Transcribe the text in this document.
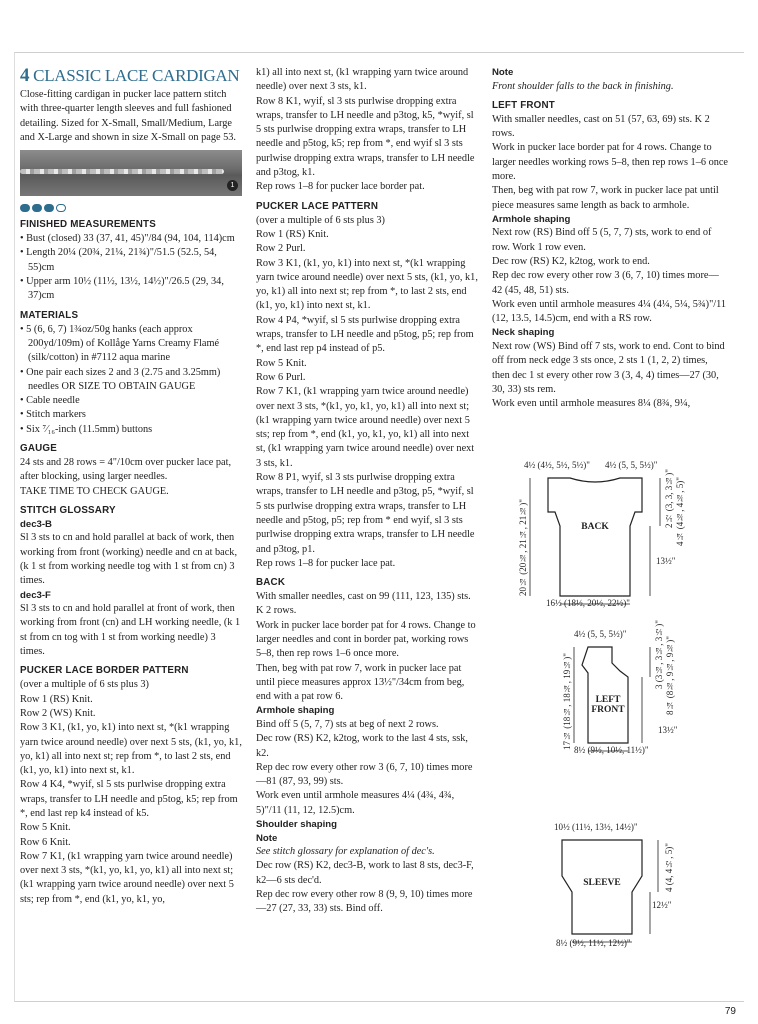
4 CLASSIC LACE CARDIGAN

Close-fitting cardigan in pucker lace pattern stitch with three-quarter length sleeves and full fashioned detailing. Sized for X-Small, Small/Medium, Large and X-Large and shown in size X-Small on page 53.

1
FINISHED MEASUREMENTS

• Bust (closed) 33 (37, 41, 45)"/84 (94, 104, 114)cm

• Length 20¼ (20¾, 21¼, 21¾)"/51.5 (52.5, 54, 55)cm

• Upper arm 10½ (11½, 13½, 14½)"/26.5 (29, 34, 37)cm

MATERIALS

• 5 (6, 6, 7) 1¾oz/50g hanks (each approx 200yd/109m) of Kollåge Yarns Creamy Flamé (silk/cotton) in #7112 aqua marine

• One pair each sizes 2 and 3 (2.75 and 3.25mm) needles OR SIZE TO OBTAIN GAUGE

• Cable needle

• Stitch markers

• Six ⁷⁄₁₆-inch (11.5mm) buttons

GAUGE

24 sts and 28 rows = 4"/10cm over pucker lace pat, after blocking, using larger needles.

TAKE TIME TO CHECK GAUGE.

STITCH GLOSSARY
dec3-B

Sl 3 sts to cn and hold parallel at back of work, then working from front (working) needle and cn at back, (k 1 st from working needle tog with 1 st from cn) 3 times.

dec3-F

Sl 3 sts to cn and hold parallel at front of work, then working from front (cn) and LH working needle, (k 1 st from cn tog with 1 st from working needle) 3 times.

PUCKER LACE BORDER PATTERN

(over a multiple of 6 sts plus 3)

Row 1 (RS) Knit.

Row 2 (WS) Knit.

Row 3 K1, (k1, yo, k1) into next st, *(k1 wrapping yarn twice around needle) over next 5 sts, (k1, yo, k1, yo, k1) all into next st; rep from *, to last 2 sts, end (k1, yo, k1) into next st, k1.

Row 4 K4, *wyif, sl 5 sts purlwise dropping extra wraps, transfer to LH needle and p5tog, k5; rep from *, end last rep k4 instead of k5.

Row 5 Knit.

Row 6 Knit.

Row 7 K1, (k1 wrapping yarn twice around needle) over next 3 sts, *(k1, yo, k1, yo, k1) all into next st; (k1 wrapping yarn twice around needle) over next 5 sts; rep from *, end (k1, yo, k1, yo,

k1) all into next st, (k1 wrapping yarn twice around needle) over next 3 sts, k1.

Row 8 K1, wyif, sl 3 sts purlwise dropping extra wraps, transfer to LH needle and p3tog, k5, *wyif, sl 5 sts purlwise dropping extra wraps, transfer to LH needle and p5tog, k5; rep from *, end wyif sl 3 sts purlwise dropping extra wraps, transfer to LH needle and p3tog, k1.

Rep rows 1–8 for pucker lace border pat.

PUCKER LACE PATTERN

(over a multiple of 6 sts plus 3)

Row 1 (RS) Knit.

Row 2 Purl.

Row 3 K1, (k1, yo, k1) into next st, *(k1 wrapping yarn twice around needle) over next 5 sts, (k1, yo, k1, yo, k1) all into next st; rep from *, to last 2 sts, end (k1, yo, k1) into next st, k1.

Row 4 P4, *wyif, sl 5 sts purlwise dropping extra wraps, transfer to LH needle and p5tog, p5; rep from *, end last rep p4 instead of p5.

Row 5 Knit.

Row 6 Purl.

Row 7 K1, (k1 wrapping yarn twice around needle) over next 3 sts, *(k1, yo, k1, yo, k1) all into next st; (k1 wrapping yarn twice around needle) over next 5 sts; rep from *, end (k1, yo, k1, yo, k1) all into next st, (k1 wrapping yarn twice around needle) over next 3 sts, k1.

Row 8 P1, wyif, sl 3 sts purlwise dropping extra wraps, transfer to LH needle and p3tog, p5, *wyif, sl 5 sts purlwise dropping extra wraps, transfer to LH needle and p5tog, p5; rep from * end wyif, sl 3 sts purlwise dropping extra wraps, transfer to LH needle and p3tog, p1.

Rep rows 1–8 for pucker lace pat.

BACK

With smaller needles, cast on 99 (111, 123, 135) sts. K 2 rows.

Work in pucker lace border pat for 4 rows. Change to larger needles and cont in border pat, working rows 5–8, then rep rows 1–6 once more.

Then, beg with pat row 7, work in pucker lace pat until piece measures approx 13½"/34cm from beg, end with a pat row 6.

Armhole shaping

Bind off 5 (5, 7, 7) sts at beg of next 2 rows.

Dec row (RS) K2, k2tog, work to the last 4 sts, ssk, k2.

Rep dec row every other row 3 (6, 7, 10) times more—81 (87, 93, 99) sts.

Work even until armhole measures 4¼ (4¾, 4¾, 5)"/11 (11, 12, 12.5)cm.

Shoulder shaping
Note

See stitch glossary for explanation of dec's.

Dec row (RS) K2, dec3-B, work to last 8 sts, dec3-F, k2—6 sts dec'd.

Rep dec row every other row 8 (9, 9, 10) times more—27 (27, 33, 33) sts. Bind off.

Note

Front shoulder falls to the back in finishing.

LEFT FRONT

With smaller needles, cast on 51 (57, 63, 69) sts. K 2 rows.

Work in pucker lace border pat for 4 rows. Change to larger needles working rows 5–8, then rep rows 1–6 once more.

Then, beg with pat row 7, work in pucker lace pat until piece measures same length as back to armhole.

Armhole shaping

Next row (RS) Bind off 5 (5, 7, 7) sts, work to end of row. Work 1 row even.

Dec row (RS) K2, k2tog, work to end.

Rep dec row every other row 3 (6, 7, 10) times more—42 (45, 48, 51) sts.

Work even until armhole measures 4¼ (4¼, 5¼, 5¾)"/11 (12, 13.5, 14.5)cm, end with a RS row.

Neck shaping

Next row (WS) Bind off 7 sts, work to end. Cont to bind off from neck edge 3 sts once, 2 sts 1 (1, 2, 2) times, then dec 1 st every other row 3 (3, 4, 4) times—27 (30, 30, 33) sts rem.

Work even until armhole measures 8¼ (8¾, 9¼,

4½ (4½, 5½, 5½)" 4½ (5, 5, 5½)"
2½ (3, 3, 3¼)" 4¼ (4¾, 4¾, 5)"
13½"
20¼ (20¾, 21¼, 21¾)"
16½ (18½, 20½, 22½)"
BACK
4½ (5, 5, 5½)"	3 (3¼, 3¼, 3½)" 8¼ (8¾, 9¼, 9¾)"
13½"
17¼ (18¼, 18¾, 19¼)" 8½ (9½, 10½, 11½)"
LEFT
FRONT
10½ (11½, 13½, 14½)"
4 (4, 4½, 5)"
12½"
8½ (9½, 11½, 12½)"
SLEEVE
79
